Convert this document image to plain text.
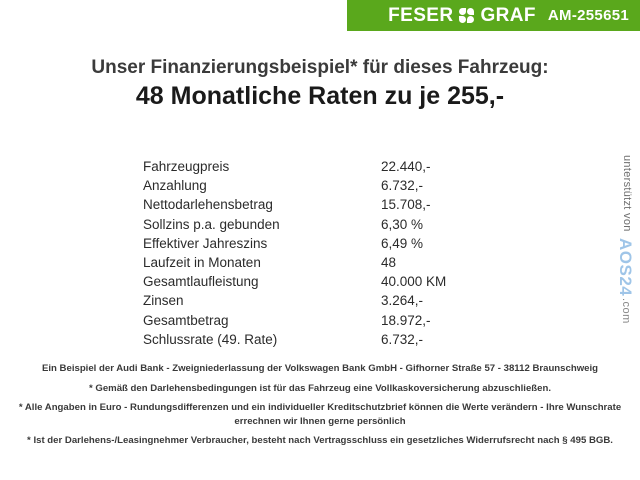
FESER GRAF AM-255651
Unser Finanzierungsbeispiel* für dieses Fahrzeug:
48 Monatliche Raten zu je 255,-
Fahrzeugpreis	22.440,-
Anzahlung	6.732,-
Nettodarlehensbetrag	15.708,-
Sollzins p.a. gebunden	6,30 %
Effektiver Jahreszins	6,49 %
Laufzeit in Monaten	48
Gesamtlaufleistung	40.000 KM
Zinsen	3.264,-
Gesamtbetrag	18.972,-
Schlussrate (49. Rate)	6.732,-
unterstützt von
AOS24
.com
Ein Beispiel der Audi Bank - Zweigniederlassung der Volkswagen Bank GmbH - Gifhorner Straße 57 - 38112 Braunschweig
* Gemäß den Darlehensbedingungen ist für das Fahrzeug eine Vollkaskoversicherung abzuschließen.
* Alle Angaben in Euro - Rundungsdifferenzen und ein individueller Kreditschutzbrief können die Werte verändern - Ihre Wunschrate errechnen wir Ihnen gerne persönlich
* Ist der Darlehens-/Leasingnehmer Verbraucher, besteht nach Vertragsschluss ein gesetzliches Widerrufsrecht nach § 495 BGB.
